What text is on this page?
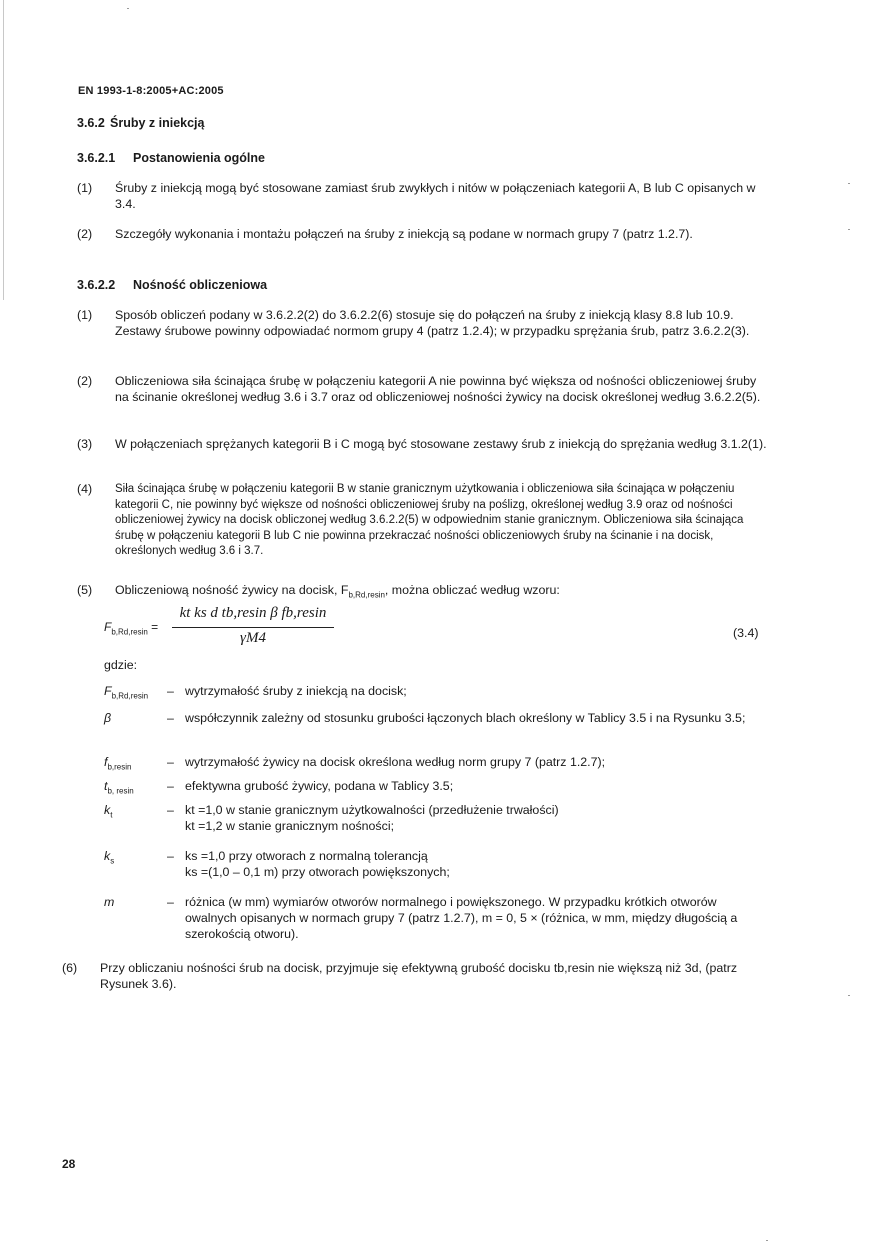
EN 1993-1-8:2005+AC:2005
3.6.2 Śruby z iniekcją
3.6.2.1 Postanowienia ogólne
(1) Śruby z iniekcją mogą być stosowane zamiast śrub zwykłych i nitów w połączeniach kategorii A, B lub C opisanych w 3.4.
(2) Szczegóły wykonania i montażu połączeń na śruby z iniekcją są podane w normach grupy 7 (patrz 1.2.7).
3.6.2.2 Nośność obliczeniowa
(1) Sposób obliczeń podany w 3.6.2.2(2) do 3.6.2.2(6) stosuje się do połączeń na śruby z iniekcją klasy 8.8 lub 10.9. Zestawy śrubowe powinny odpowiadać normom grupy 4 (patrz 1.2.4); w przypadku sprężania śrub, patrz 3.6.2.2(3).
(2) Obliczeniowa siła ścinająca śrubę w połączeniu kategorii A nie powinna być większa od nośności obliczeniowej śruby na ścinanie określonej według 3.6 i 3.7 oraz od obliczeniowej nośności żywicy na docisk określonej według 3.6.2.2(5).
(3) W połączeniach sprężanych kategorii B i C mogą być stosowane zestawy śrub z iniekcją do sprężania według 3.1.2(1).
(4) Siła ścinająca śrubę w połączeniu kategorii B w stanie granicznym użytkowania i obliczeniowa siła ścinająca w połączeniu kategorii C, nie powinny być większe od nośności obliczeniowej śruby na poślizg, określonej według 3.9 oraz od nośności obliczeniowej żywicy na docisk obliczonej według 3.6.2.2(5) w odpowiednim stanie granicznym. Obliczeniowa siła ścinająca śrubę w połączeniu kategorii B lub C nie powinna przekraczać nośności obliczeniowych śruby na ścinanie i na docisk, określonych według 3.6 i 3.7.
(5) Obliczeniową nośność żywicy na docisk, $F_{b,Rd,resin}$, można obliczać według wzoru:
$F_{b,Rd,resin}$ =
kt ks d tb,resin β fb,resin
γM4	(3.4)
gdzie:
$F_{b,Rd,resin}$ – wytrzymałość śruby z iniekcją na docisk;
β	– współczynnik zależny od stosunku grubości łączonych blach określony w Tablicy 3.5 i na Rysunku 3.5;
$f_{b,resin}$	– wytrzymałość żywicy na docisk określona według norm grupy 7 (patrz 1.2.7);
$t_{b, resin}$	– efektywna grubość żywicy, podana w Tablicy 3.5;
$k_t$	– kt =1,0 w stanie granicznym użytkowalności (przedłużenie trwałości)
kt =1,2 w stanie granicznym nośności;
$k_s$	– ks =1,0 przy otworach z normalną tolerancją
ks =(1,0 – 0,1 m) przy otworach powiększonych;
m	– różnica (w mm) wymiarów otworów normalnego i powiększonego. W przypadku krótkich otworów owalnych opisanych w normach grupy 7 (patrz 1.2.7), m = 0, 5 × (różnica, w mm, między długością a szerokością otworu).
(6) Przy obliczaniu nośności śrub na docisk, przyjmuje się efektywną grubość docisku tb,resin nie większą niż 3d, (patrz Rysunek 3.6).
28
